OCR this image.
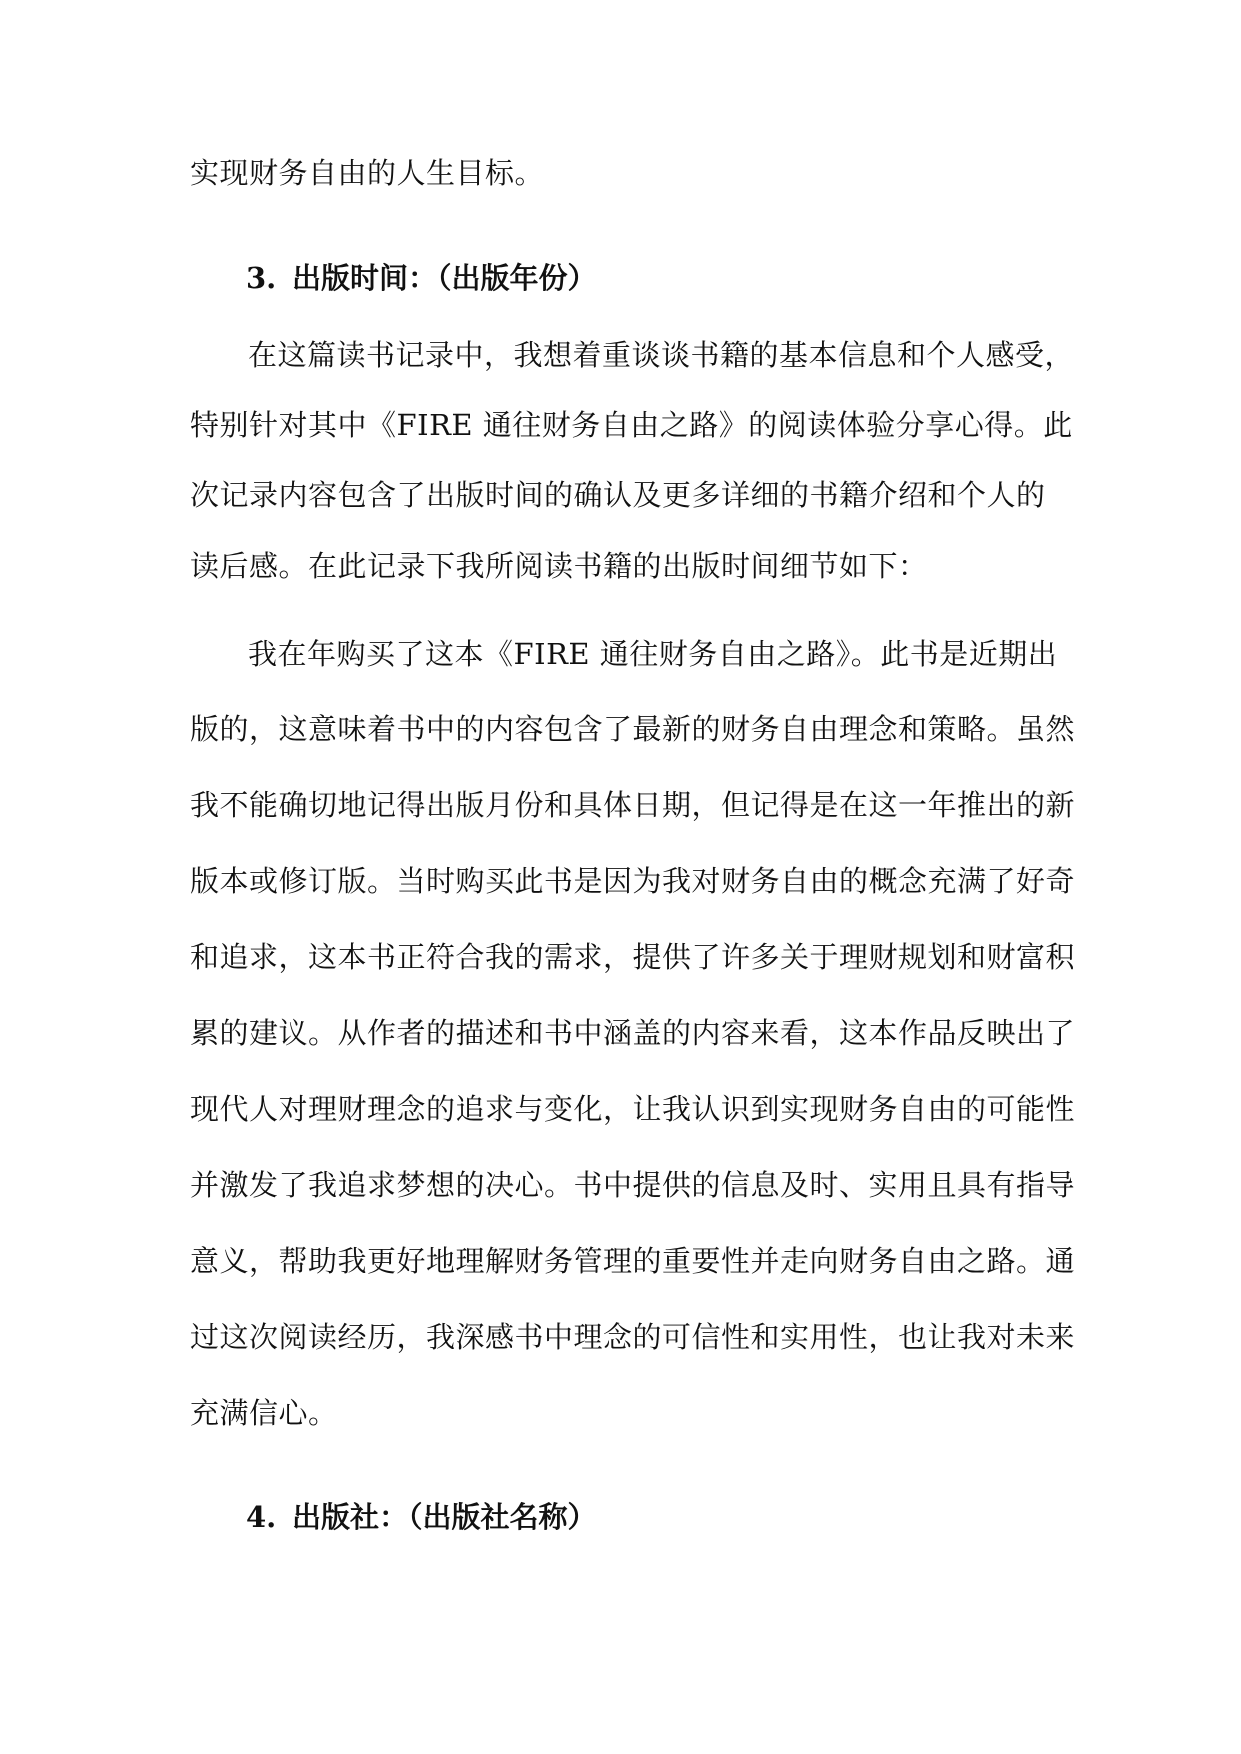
实现财务自由的人生目标。
3. 出版时间：（出版年份）
在这篇读书记录中，我想着重谈谈书籍的基本信息和个人感受，
特别针对其中《FIRE 通往财务自由之路》的阅读体验分享心得。此
次记录内容包含了出版时间的确认及更多详细的书籍介绍和个人的
读后感。在此记录下我所阅读书籍的出版时间细节如下：
我在年购买了这本《FIRE 通往财务自由之路》。此书是近期出
版的，这意味着书中的内容包含了最新的财务自由理念和策略。虽然
我不能确切地记得出版月份和具体日期，但记得是在这一年推出的新
版本或修订版。当时购买此书是因为我对财务自由的概念充满了好奇
和追求，这本书正符合我的需求，提供了许多关于理财规划和财富积
累的建议。从作者的描述和书中涵盖的内容来看，这本作品反映出了
现代人对理财理念的追求与变化，让我认识到实现财务自由的可能性
并激发了我追求梦想的决心。书中提供的信息及时、实用且具有指导
意义，帮助我更好地理解财务管理的重要性并走向财务自由之路。通
过这次阅读经历，我深感书中理念的可信性和实用性，也让我对未来
充满信心。
4. 出版社：（出版社名称）
